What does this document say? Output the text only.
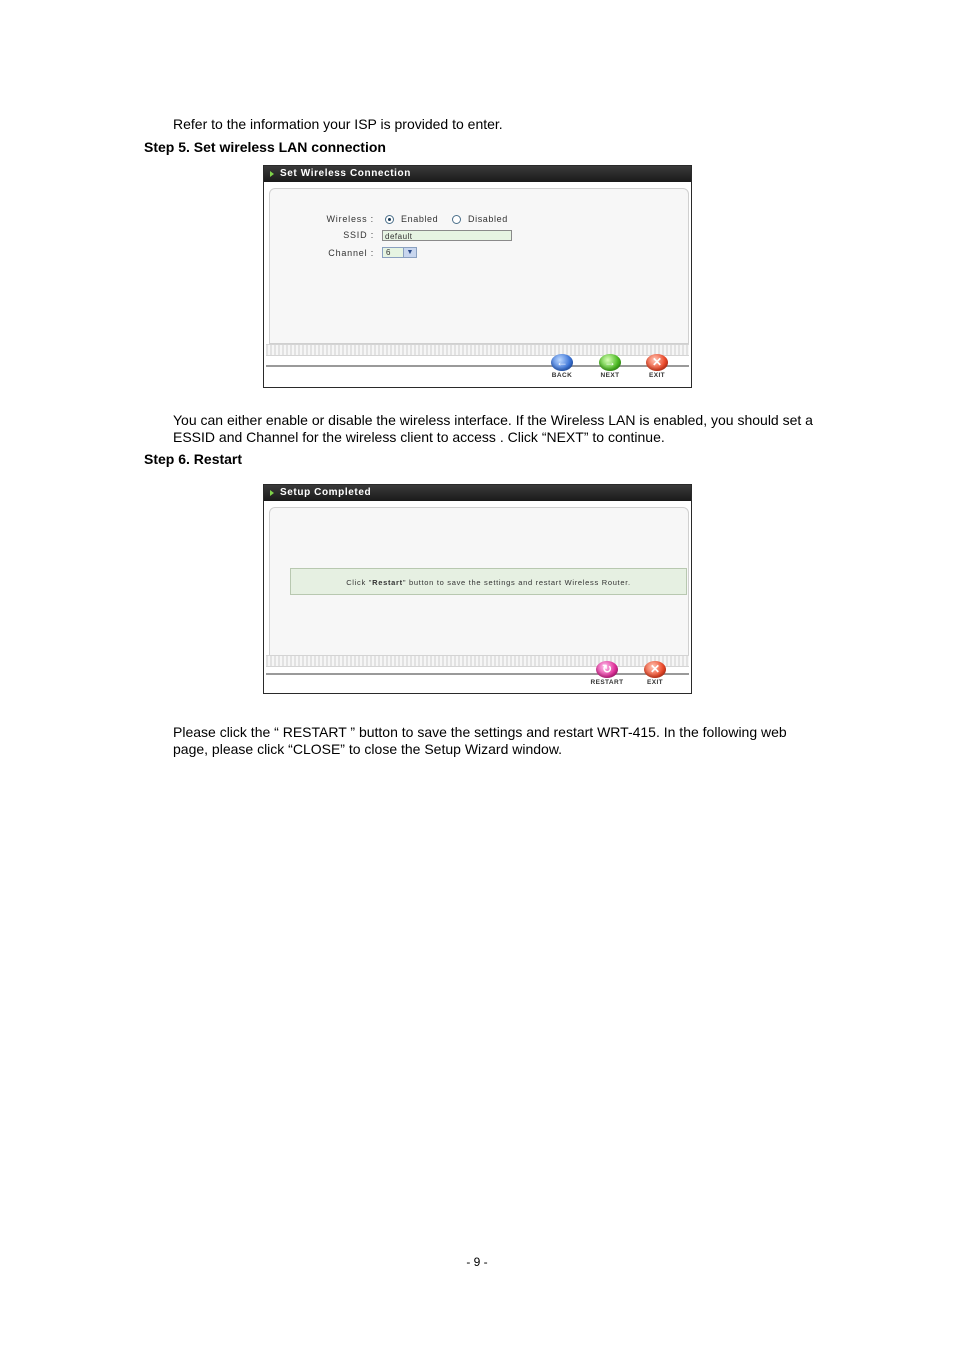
Refer to the information your ISP is provided to enter.

Step 5. Set wireless LAN connection

Set Wireless Connection
Wireless :	Enabled	Disabled
SSID :	default
Channel :	6	▼
←
BACK
→
NEXT
✕
EXIT

You can either enable or disable the wireless interface. If the Wireless LAN is enabled, you should set a ESSID and Channel for the wireless client to access . Click “NEXT” to continue.

Step 6. Restart

Setup Completed
Click "Restart" button to save the settings and restart Wireless Router.
↻
RESTART
✕
EXIT

Please click the “ RESTART ” button to save the settings and restart WRT-415. In the following web page, please click “CLOSE” to close the Setup Wizard window.

- 9 -
